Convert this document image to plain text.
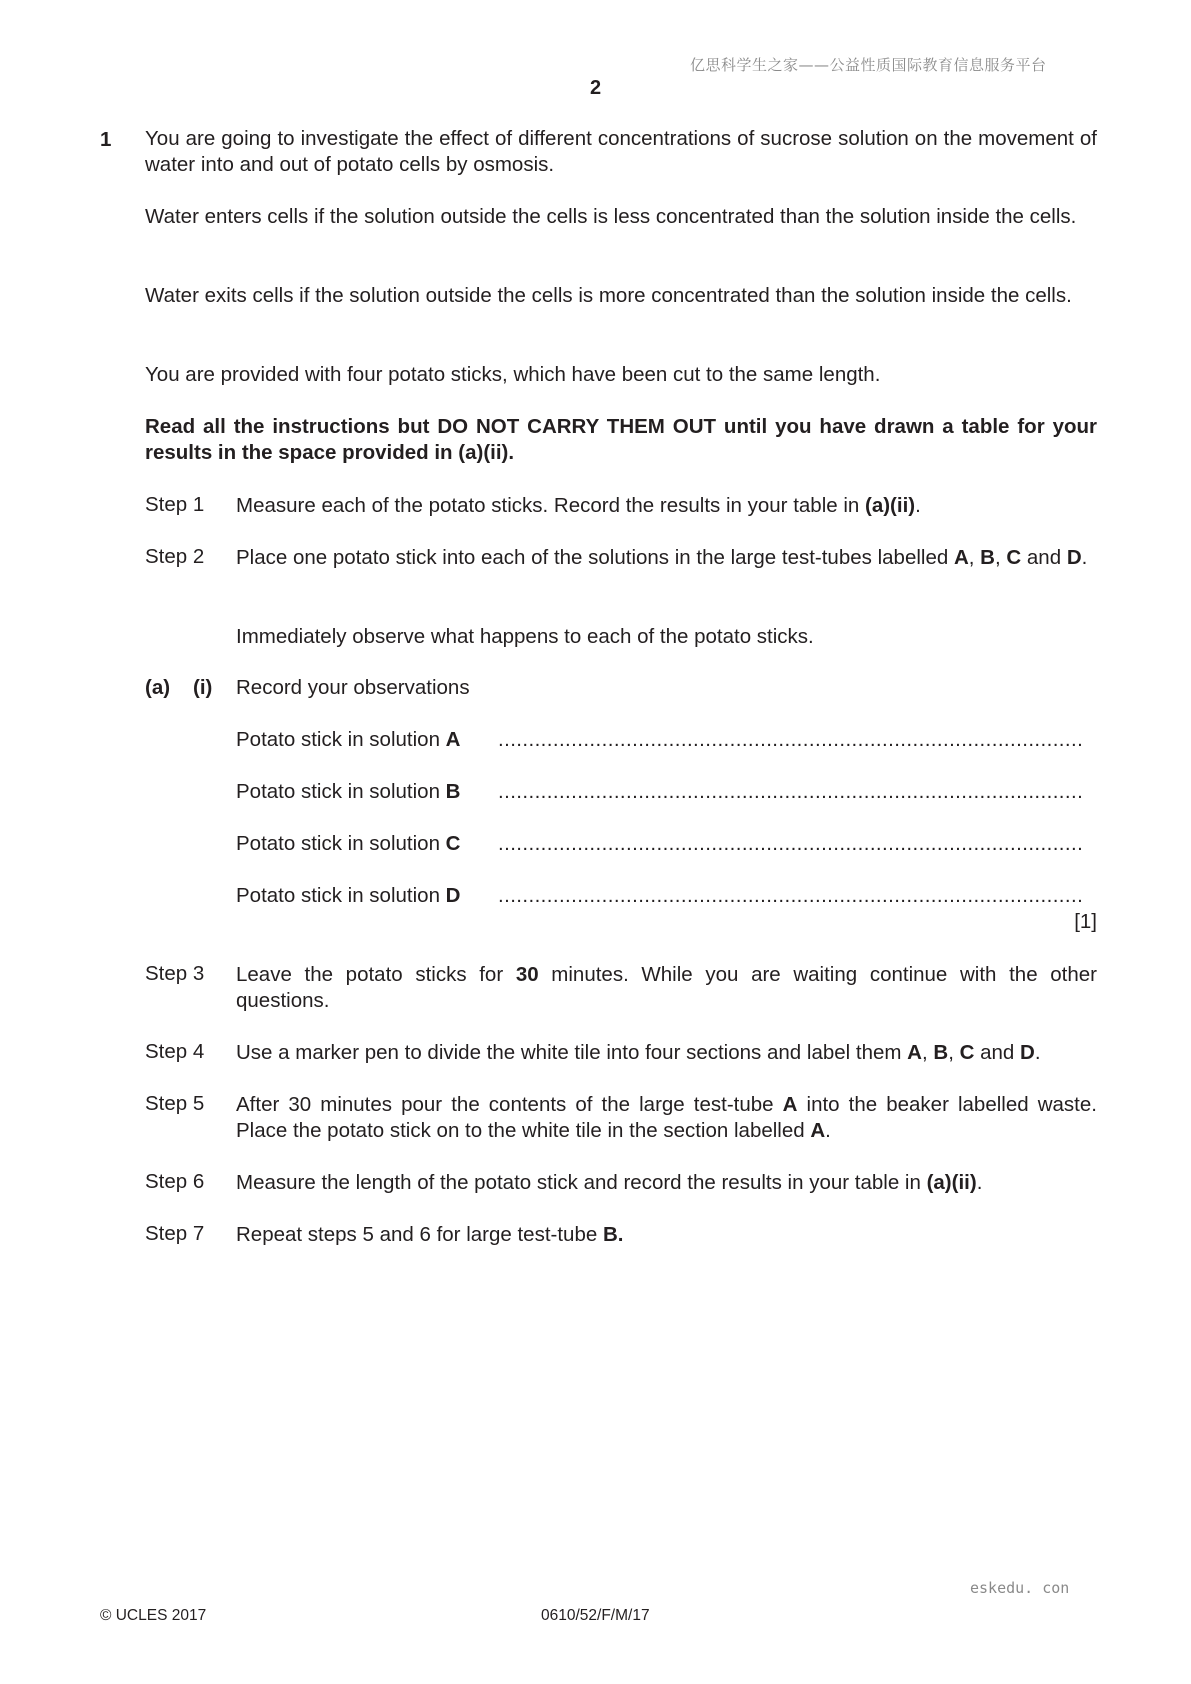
亿思科学生之家——公益性质国际教育信息服务平台
2
1 You are going to investigate the effect of different concentrations of sucrose solution on the movement of water into and out of potato cells by osmosis.
Water enters cells if the solution outside the cells is less concentrated than the solution inside the cells.
Water exits cells if the solution outside the cells is more concentrated than the solution inside the cells.
You are provided with four potato sticks, which have been cut to the same length.
Read all the instructions but DO NOT CARRY THEM OUT until you have drawn a table for your results in the space provided in (a)(ii).
Step 1 Measure each of the potato sticks. Record the results in your table in (a)(ii).
Step 2 Place one potato stick into each of the solutions in the large test-tubes labelled A, B, C and D.
Immediately observe what happens to each of the potato sticks.
(a) (i) Record your observations
Potato stick in solution A ................................................................................................
Potato stick in solution B ................................................................................................
Potato stick in solution C ................................................................................................
Potato stick in solution D ................................................................................................
[1]
Step 3 Leave the potato sticks for 30 minutes. While you are waiting continue with the other questions.
Step 4 Use a marker pen to divide the white tile into four sections and label them A, B, C and D.
Step 5 After 30 minutes pour the contents of the large test-tube A into the beaker labelled waste. Place the potato stick on to the white tile in the section labelled A.
Step 6 Measure the length of the potato stick and record the results in your table in (a)(ii).
Step 7 Repeat steps 5 and 6 for large test-tube B.
eskedu. con
© UCLES 2017	0610/52/F/M/17
